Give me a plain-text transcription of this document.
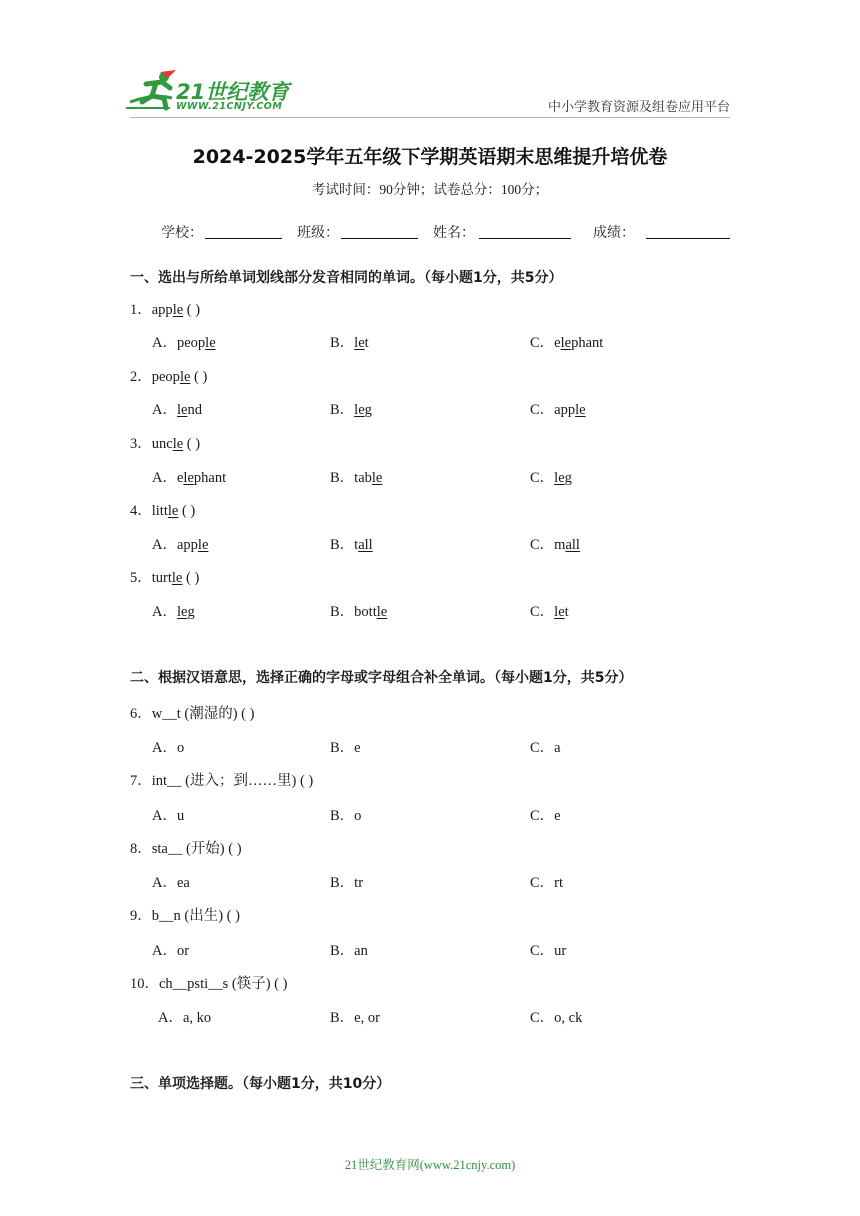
21世纪教育
WWW.21CNJY.COM	中小学教育资源及组卷应用平台
2024-2025学年五年级下学期英语期末思维提升培优卷
考试时间：90分钟；试卷总分：100分；
学校：	班级：	姓名：	成绩：
一、选出与所给单词划线部分发音相同的单词。（每小题1分，共5分）
二、根据汉语意思，选择正确的字母或字母组合补全单词。（每小题1分，共5分）
三、单项选择题。（每小题1分，共10分）
1．apple ( )
A．people	B．let	C．elephant
2．people ( )
A．lend	B．leg	C．apple
3．uncle ( )
A．elephant	B．table	C．leg
4．little ( )
A．apple	B．tall	C．mall
5．turtle ( )
A．leg	B．bottle	C．let
6．w__t (潮湿的) ( )
A．o	B．e	C．a
7．int__ (进入；到……里) ( )
A．u	B．o	C．e
8．sta__ (开始) ( )
A．ea	B．tr	C．rt
9．b__n (出生) ( )
A．or	B．an	C．ur
10．ch__psti__s (筷子) ( )
A．a, ko	B．e, or	C．o, ck
21世纪教育网(www.21cnjy.com)
